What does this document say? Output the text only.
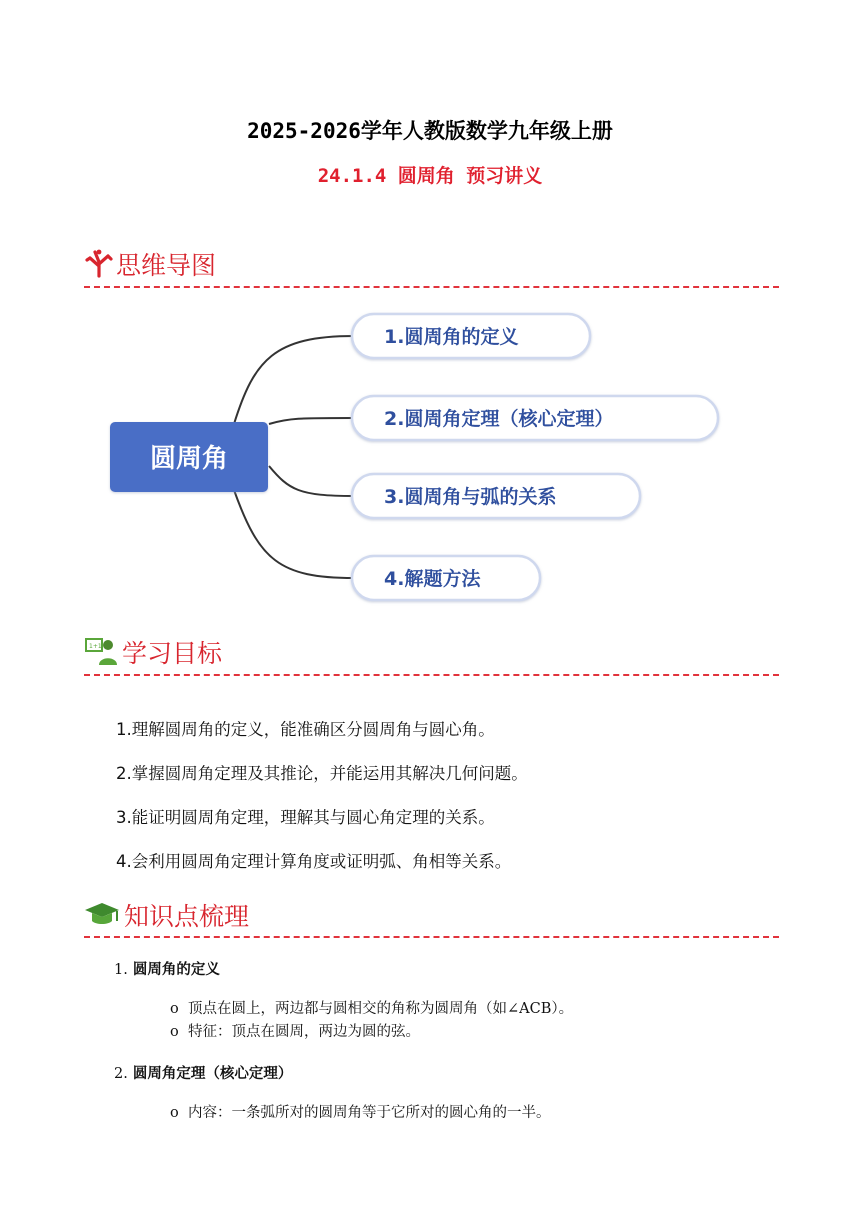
2025-2026学年人教版数学九年级上册
24.1.4 圆周角 预习讲义
思维导图
圆周角
1.圆周角的定义
2.圆周角定理（核心定理）
3.圆周角与弧的关系
4.解题方法
1+1 学习目标
1.理解圆周角的定义，能准确区分圆周角与圆心角。
2.掌握圆周角定理及其推论，并能运用其解决几何问题。
3.能证明圆周角定理，理解其与圆心角定理的关系。
4.会利用圆周角定理计算角度或证明弧、角相等关系。
知识点梳理
1. 圆周角的定义
o 顶点在圆上，两边都与圆相交的角称为圆周角（如∠ACB）。
o 特征：顶点在圆周，两边为圆的弦。
2. 圆周角定理（核心定理）
o 内容：一条弧所对的圆周角等于它所对的圆心角的一半。
